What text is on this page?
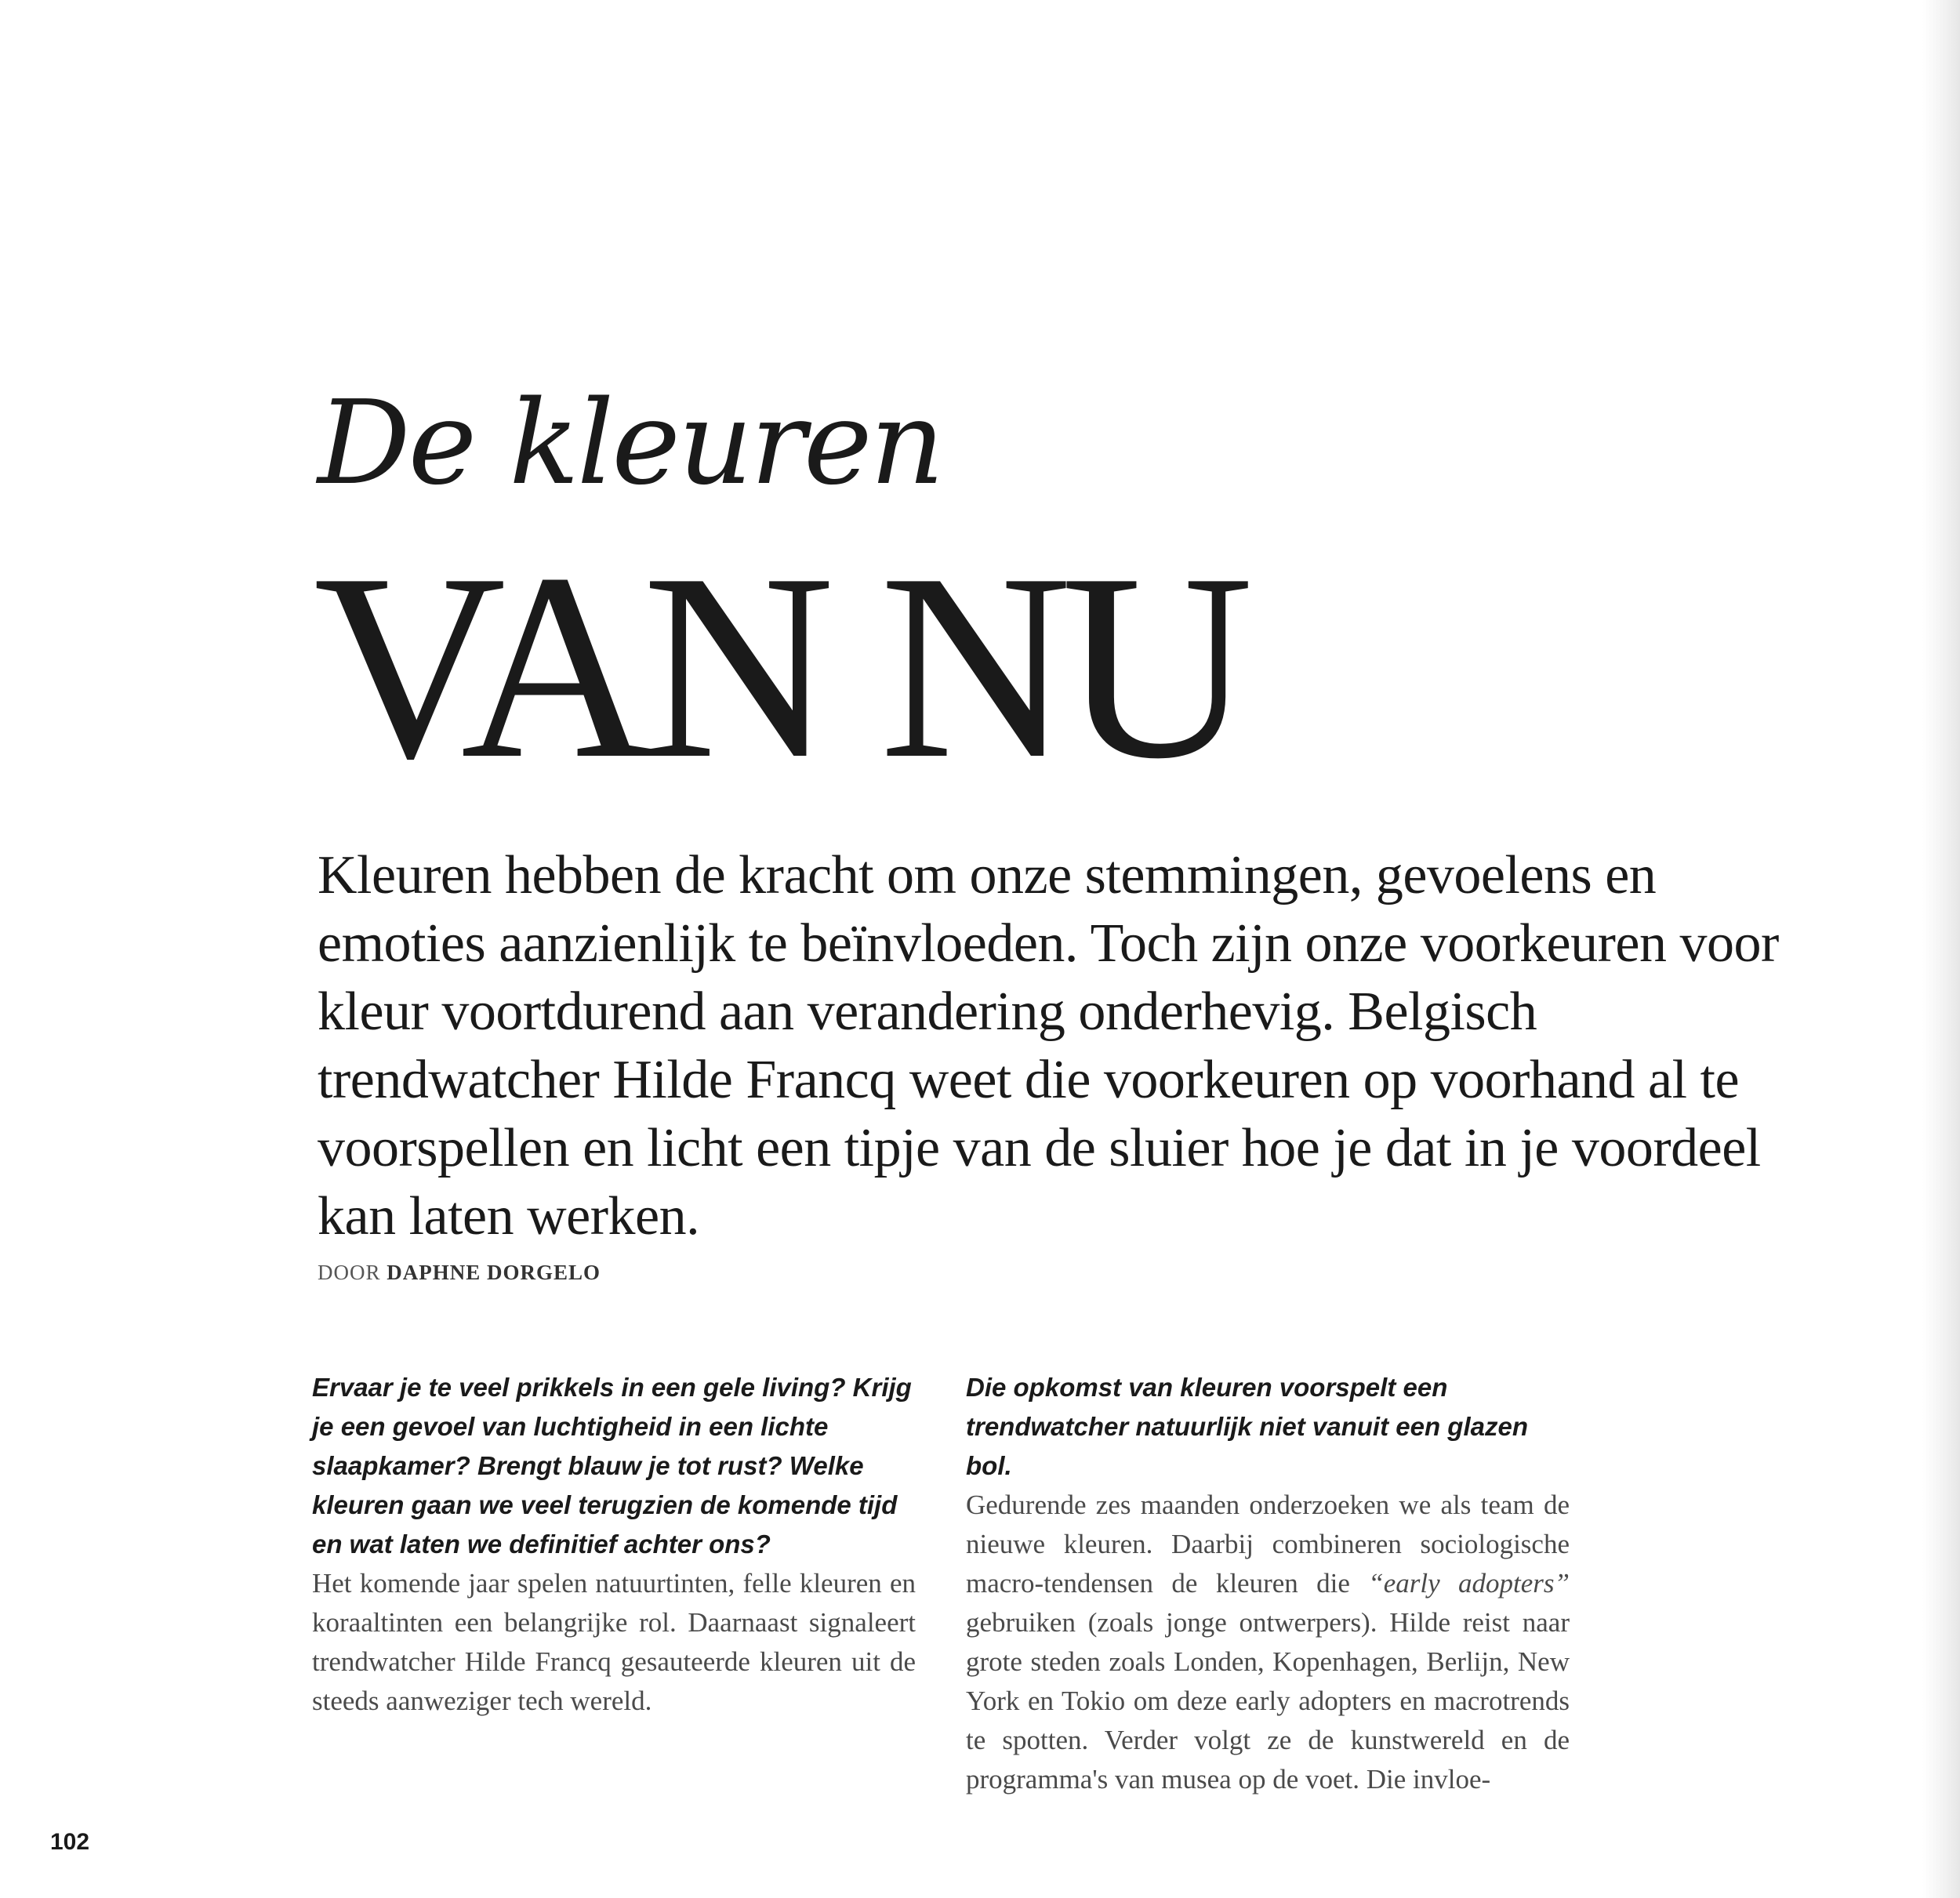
De kleuren
VAN NU

Kleuren hebben de kracht om onze stemmingen, gevoelens en emoties aanzienlijk te beïnvloeden. Toch zijn onze voorkeuren voor kleur voortdurend aan verandering onderhevig. Belgisch trendwatcher Hilde Francq weet die voorkeuren op voorhand al te voorspellen en licht een tipje van de sluier hoe je dat in je voordeel kan laten werken.

DOOR DAPHNE DORGELO

Ervaar je te veel prikkels in een gele living? Krijg je een gevoel van luchtigheid in een lichte slaapkamer? Brengt blauw je tot rust? Welke kleuren gaan we veel terugzien de komende tijd en wat laten we definitief achter ons?

Het komende jaar spelen natuurtinten, felle kleuren en koraaltinten een belangrijke rol. Daarnaast signaleert trendwatcher Hilde Francq gesauteerde kleuren uit de steeds aanweziger tech wereld.

Die opkomst van kleuren voorspelt een trendwatcher natuurlijk niet vanuit een glazen bol.

Gedurende zes maanden onderzoeken we als team de nieuwe kleuren. Daarbij combineren sociologische macro-tendensen de kleuren die “early adopters” gebruiken (zoals jonge ontwerpers). Hilde reist naar grote steden zoals Londen, Kopenhagen, Berlijn, New York en Tokio om deze early adopters en macrotrends te spotten. Verder volgt ze de kunstwereld en de programma's van musea op de voet. Die invloe-

102
